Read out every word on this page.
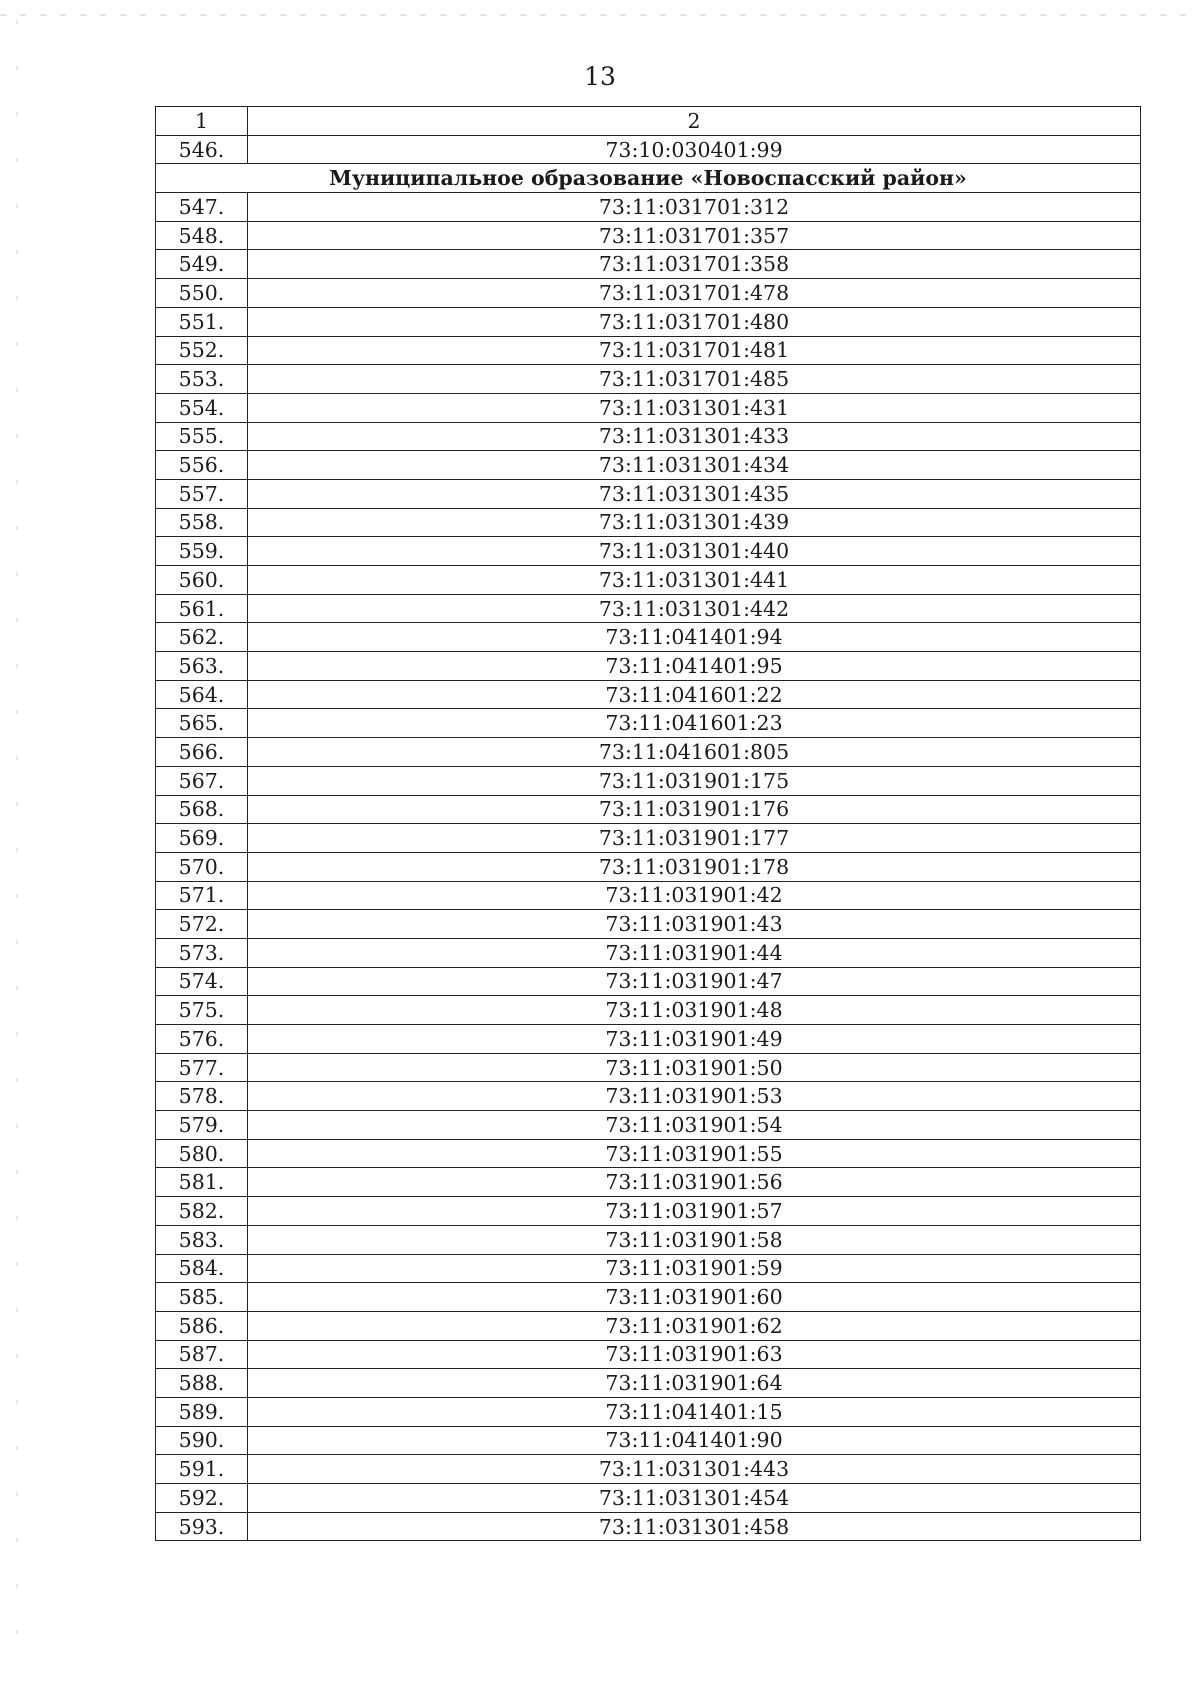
13
1	2
546.	73:10:030401:99
Муниципальное образование «Новоспасский район»	
547.	73:11:031701:312
548.	73:11:031701:357
549.	73:11:031701:358
550.	73:11:031701:478
551.	73:11:031701:480
552.	73:11:031701:481
553.	73:11:031701:485
554.	73:11:031301:431
555.	73:11:031301:433
556.	73:11:031301:434
557.	73:11:031301:435
558.	73:11:031301:439
559.	73:11:031301:440
560.	73:11:031301:441
561.	73:11:031301:442
562.	73:11:041401:94
563.	73:11:041401:95
564.	73:11:041601:22
565.	73:11:041601:23
566.	73:11:041601:805
567.	73:11:031901:175
568.	73:11:031901:176
569.	73:11:031901:177
570.	73:11:031901:178
571.	73:11:031901:42
572.	73:11:031901:43
573.	73:11:031901:44
574.	73:11:031901:47
575.	73:11:031901:48
576.	73:11:031901:49
577.	73:11:031901:50
578.	73:11:031901:53
579.	73:11:031901:54
580.	73:11:031901:55
581.	73:11:031901:56
582.	73:11:031901:57
583.	73:11:031901:58
584.	73:11:031901:59
585.	73:11:031901:60
586.	73:11:031901:62
587.	73:11:031901:63
588.	73:11:031901:64
589.	73:11:041401:15
590.	73:11:041401:90
591.	73:11:031301:443
592.	73:11:031301:454
593.	73:11:031301:458
